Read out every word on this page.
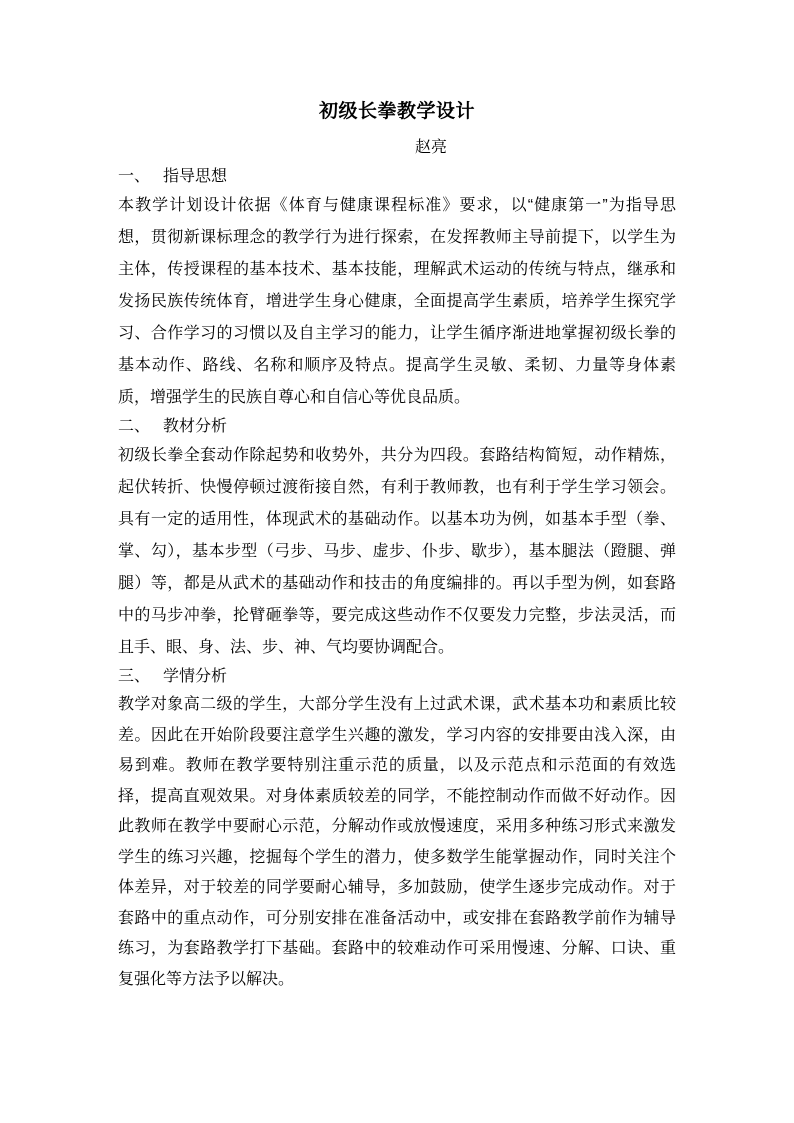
初级长拳教学设计
赵亮
一、 指导思想
本教学计划设计依据《体育与健康课程标准》要求，以“健康第一”为指导思
想，贯彻新课标理念的教学行为进行探索，在发挥教师主导前提下，以学生为
主体，传授课程的基本技术、基本技能，理解武术运动的传统与特点，继承和
发扬民族传统体育，增进学生身心健康，全面提高学生素质，培养学生探究学
习、合作学习的习惯以及自主学习的能力，让学生循序渐进地掌握初级长拳的
基本动作、路线、名称和顺序及特点。提高学生灵敏、柔韧、力量等身体素
质，增强学生的民族自尊心和自信心等优良品质。
二、 教材分析
初级长拳全套动作除起势和收势外，共分为四段。套路结构简短，动作精炼，
起伏转折、快慢停顿过渡衔接自然，有利于教师教，也有利于学生学习领会。
具有一定的适用性，体现武术的基础动作。以基本功为例，如基本手型（拳、
掌、勾），基本步型（弓步、马步、虚步、仆步、歇步），基本腿法（蹬腿、弹
腿）等，都是从武术的基础动作和技击的角度编排的。再以手型为例，如套路
中的马步冲拳，抡臂砸拳等，要完成这些动作不仅要发力完整，步法灵活，而
且手、眼、身、法、步、神、气均要协调配合。
三、 学情分析
教学对象高二级的学生，大部分学生没有上过武术课，武术基本功和素质比较
差。因此在开始阶段要注意学生兴趣的激发，学习内容的安排要由浅入深，由
易到难。教师在教学要特别注重示范的质量，以及示范点和示范面的有效选
择，提高直观效果。对身体素质较差的同学，不能控制动作而做不好动作。因
此教师在教学中要耐心示范，分解动作或放慢速度，采用多种练习形式来激发
学生的练习兴趣，挖掘每个学生的潜力，使多数学生能掌握动作，同时关注个
体差异，对于较差的同学要耐心辅导，多加鼓励，使学生逐步完成动作。对于
套路中的重点动作，可分别安排在准备活动中，或安排在套路教学前作为辅导
练习，为套路教学打下基础。套路中的较难动作可采用慢速、分解、口诀、重
复强化等方法予以解决。
